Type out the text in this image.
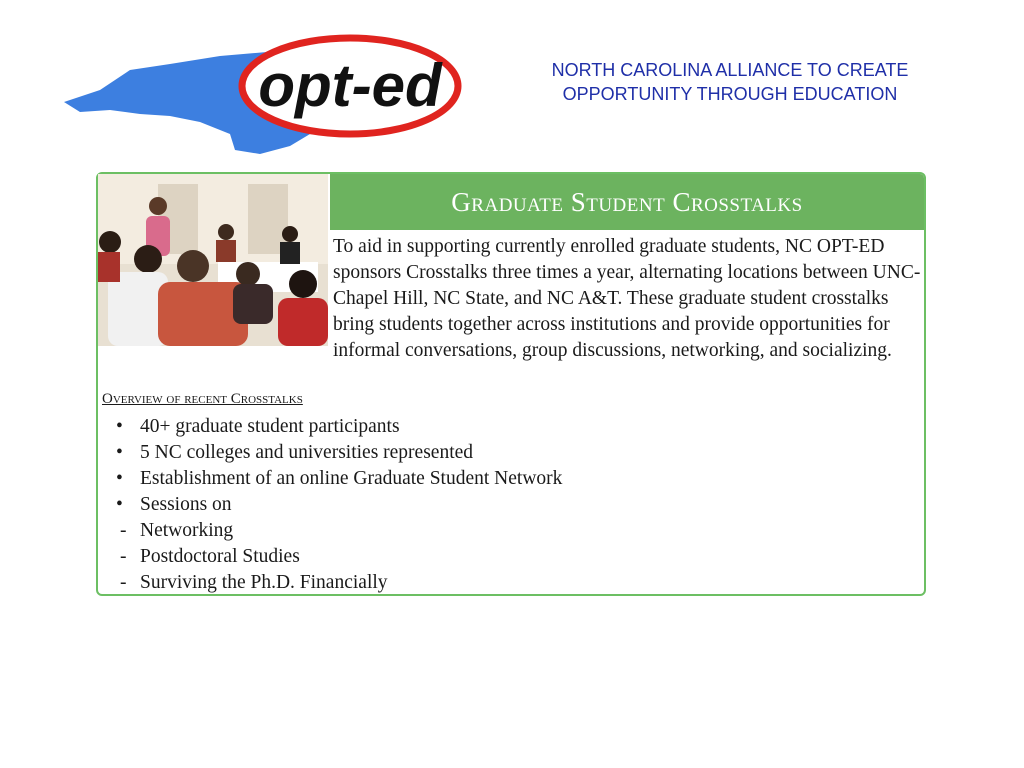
opt-ed	NORTH CAROLINA ALLIANCE TO CREATE
OPPORTUNITY THROUGH EDUCATION
Graduate Student Crosstalks

To aid in supporting currently enrolled graduate students, NC OPT-ED sponsors Crosstalks three times a year, alternating locations between UNC-Chapel Hill, NC State, and NC A&T. These graduate student crosstalks bring students together across institutions and provide opportunities for informal conversations, group discussions, networking, and socializing.

Overview of recent Crosstalks
• 40+ graduate student participants
• 5 NC colleges and universities represented
• Establishment of an online Graduate Student Network
• Sessions on
- Networking
- Postdoctoral Studies
- Surviving the Ph.D. Financially
